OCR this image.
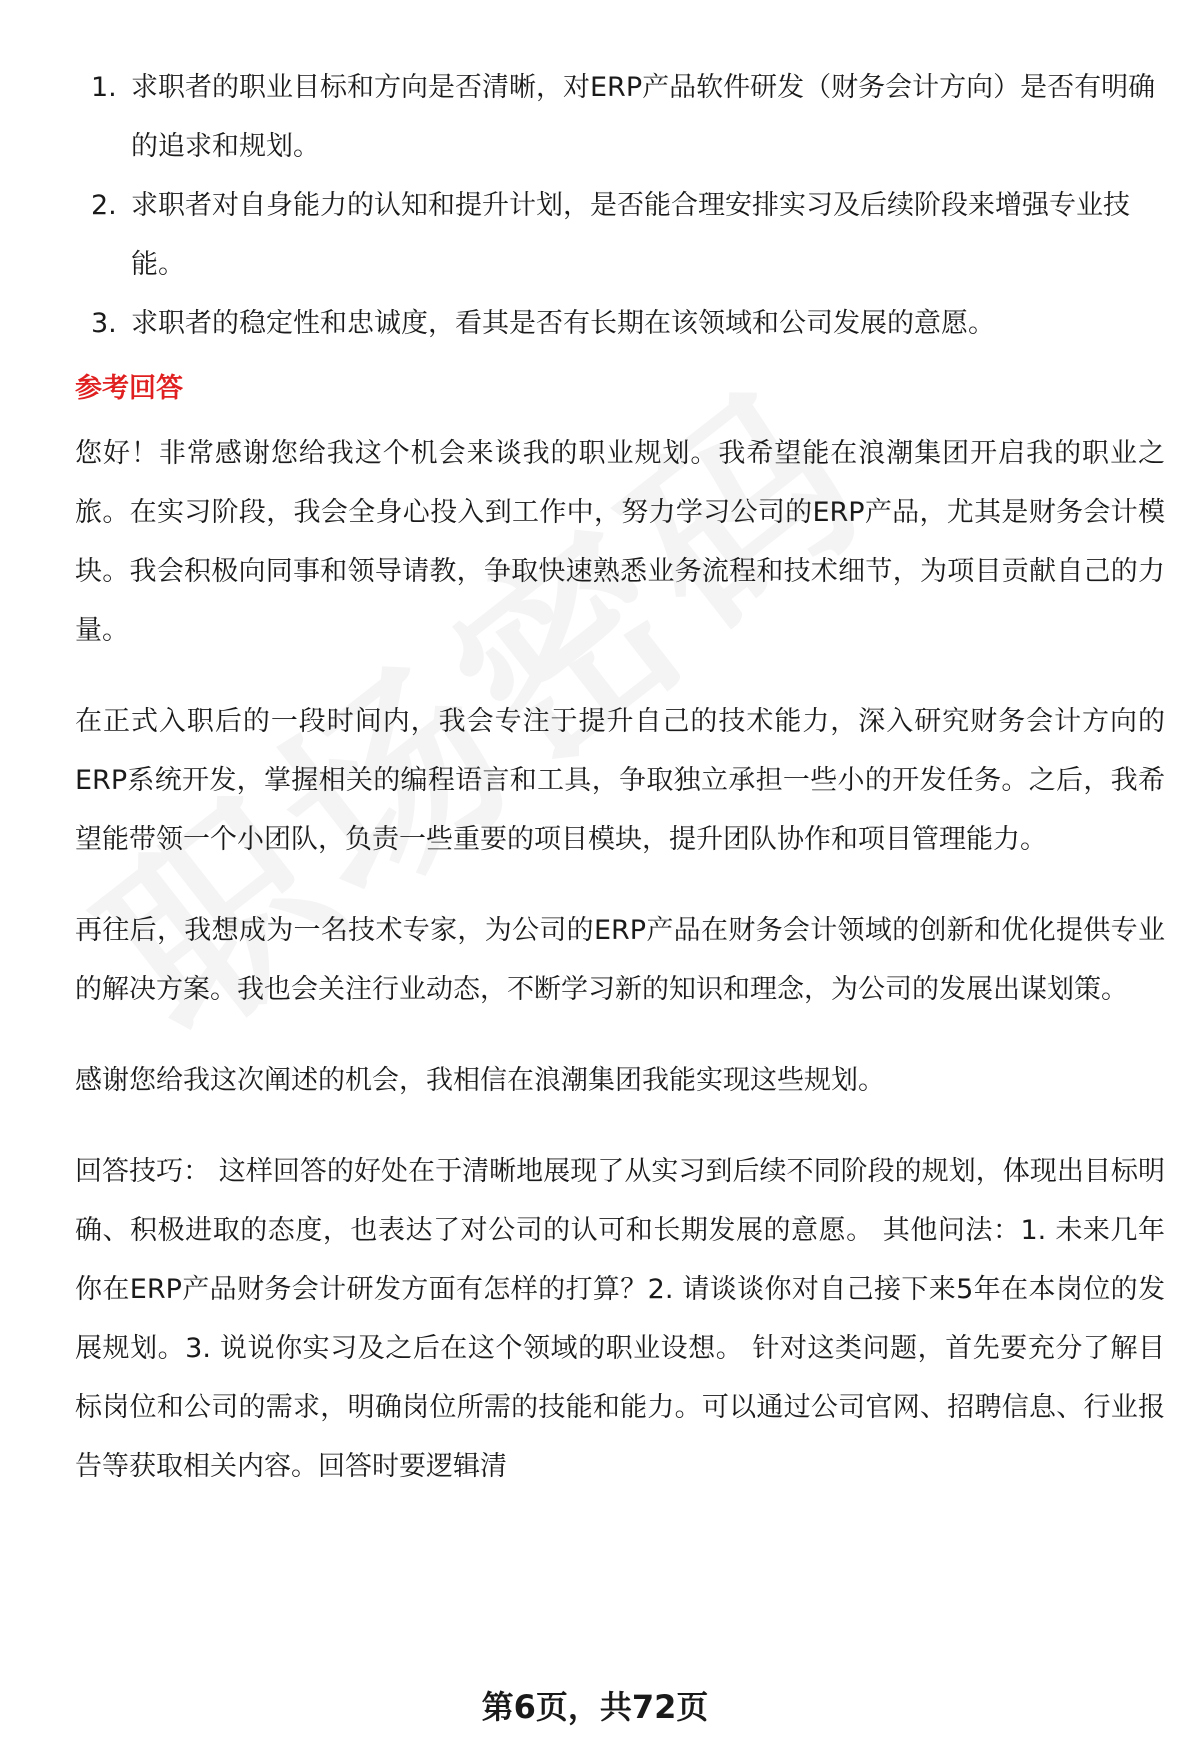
1. 求职者的职业目标和方向是否清晰，对ERP产品软件研发（财务会计方向）是否有明确的追求和规划。
2. 求职者对自身能力的认知和提升计划，是否能合理安排实习及后续阶段来增强专业技能。
3. 求职者的稳定性和忠诚度，看其是否有长期在该领域和公司发展的意愿。
参考回答

您好！非常感谢您给我这个机会来谈我的职业规划。我希望能在浪潮集团开启我的职业之旅。在实习阶段，我会全身心投入到工作中，努力学习公司的ERP产品，尤其是财务会计模块。我会积极向同事和领导请教，争取快速熟悉业务流程和技术细节，为项目贡献自己的力量。

在正式入职后的一段时间内，我会专注于提升自己的技术能力，深入研究财务会计方向的ERP系统开发，掌握相关的编程语言和工具，争取独立承担一些小的开发任务。之后，我希望能带领一个小团队，负责一些重要的项目模块，提升团队协作和项目管理能力。

再往后，我想成为一名技术专家，为公司的ERP产品在财务会计领域的创新和优化提供专业的解决方案。我也会关注行业动态，不断学习新的知识和理念，为公司的发展出谋划策。

感谢您给我这次阐述的机会，我相信在浪潮集团我能实现这些规划。

回答技巧： 这样回答的好处在于清晰地展现了从实习到后续不同阶段的规划，体现出目标明确、积极进取的态度，也表达了对公司的认可和长期发展的意愿。 其他问法：1. 未来几年你在ERP产品财务会计研发方面有怎样的打算？2. 请谈谈你对自己接下来5年在本岗位的发展规划。3. 说说你实习及之后在这个领域的职业设想。 针对这类问题，首先要充分了解目标岗位和公司的需求，明确岗位所需的技能和能力。可以通过公司官网、招聘信息、行业报告等获取相关内容。回答时要逻辑清

第6页，共72页
